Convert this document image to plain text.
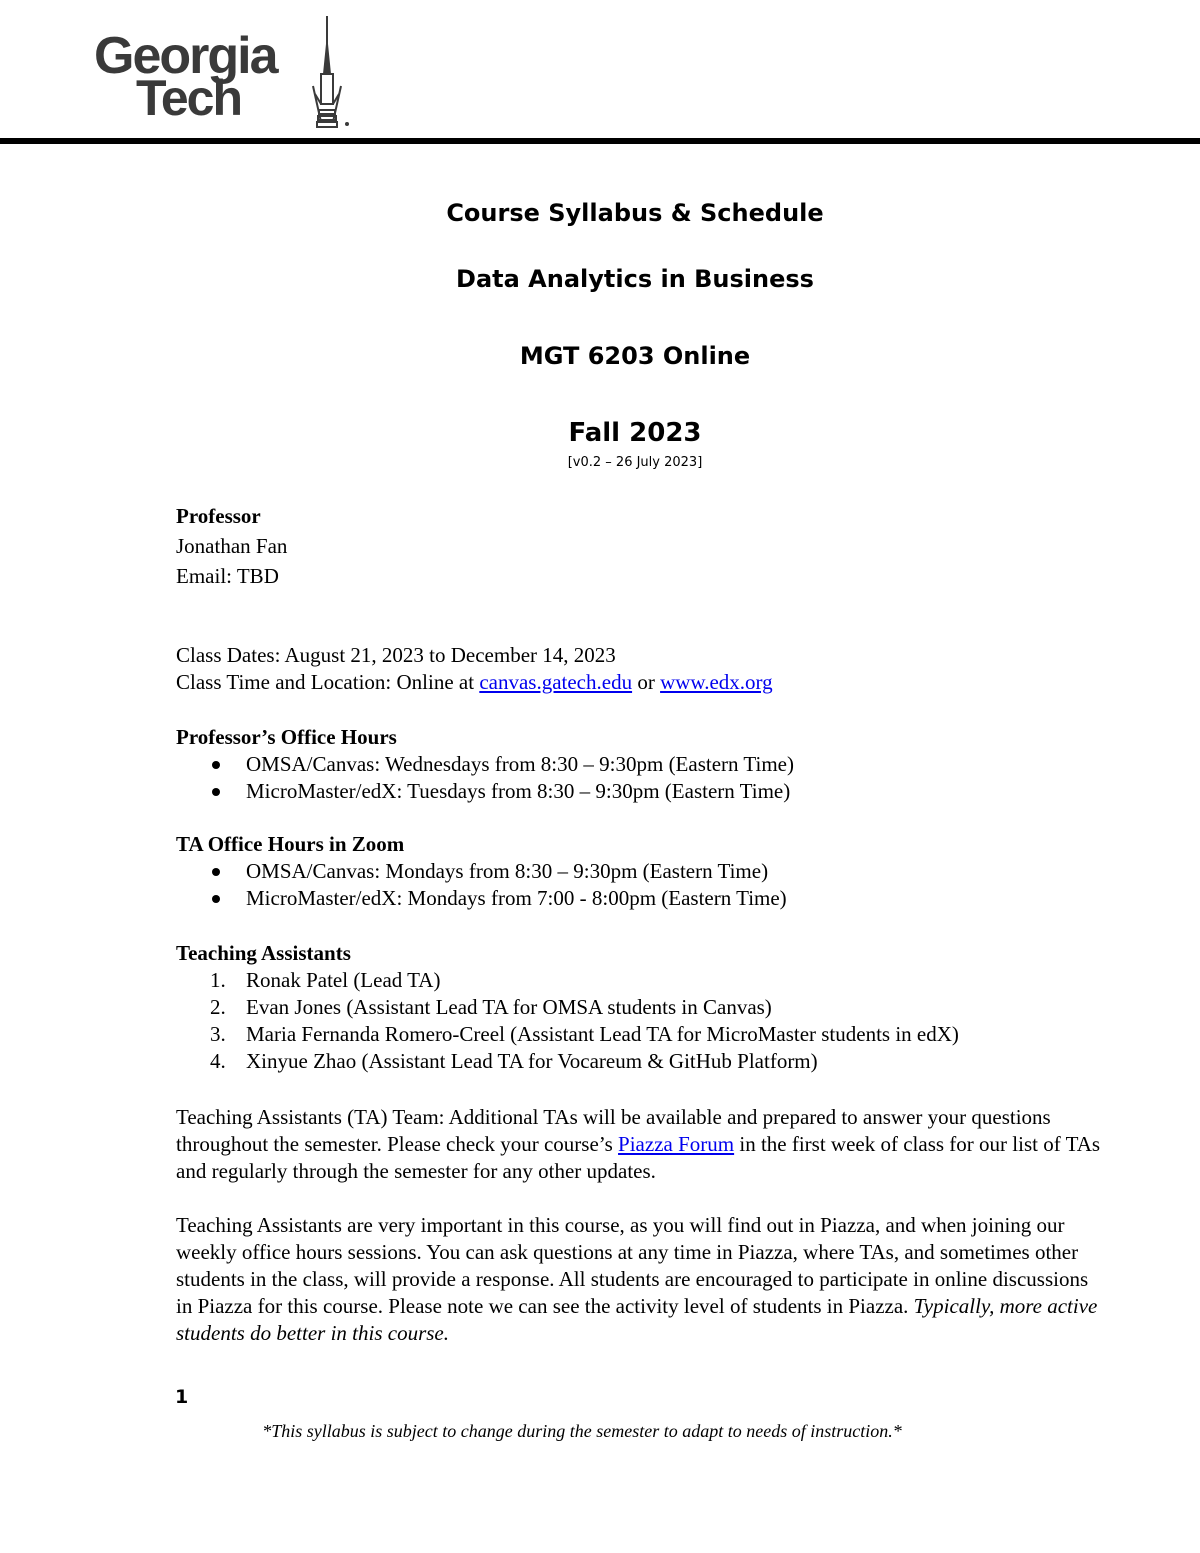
Georgia
Tech
Course Syllabus & Schedule
Data Analytics in Business
MGT 6203 Online
Fall 2023
[v0.2 – 26 July 2023]
Professor
Jonathan Fan
Email: TBD
Class Dates: August 21, 2023 to December 14, 2023
Class Time and Location: Online at canvas.gatech.edu or www.edx.org
Professor’s Office Hours
OMSA/Canvas: Wednesdays from 8:30 – 9:30pm (Eastern Time)
MicroMaster/edX: Tuesdays from 8:30 – 9:30pm (Eastern Time)
TA Office Hours in Zoom
OMSA/Canvas: Mondays from 8:30 – 9:30pm (Eastern Time)
MicroMaster/edX: Mondays from 7:00 - 8:00pm (Eastern Time)
Teaching Assistants
1. Ronak Patel (Lead TA)
2. Evan Jones (Assistant Lead TA for OMSA students in Canvas)
3. Maria Fernanda Romero-Creel (Assistant Lead TA for MicroMaster students in edX)
4. Xinyue Zhao (Assistant Lead TA for Vocareum & GitHub Platform)
Teaching Assistants (TA) Team: Additional TAs will be available and prepared to answer your questions throughout the semester. Please check your course’s Piazza Forum in the first week of class for our list of TAs and regularly through the semester for any other updates.
Teaching Assistants are very important in this course, as you will find out in Piazza, and when joining our weekly office hours sessions. You can ask questions at any time in Piazza, where TAs, and sometimes other students in the class, will provide a response. All students are encouraged to participate in online discussions in Piazza for this course. Please note we can see the activity level of students in Piazza. Typically, more active students do better in this course.
1
*This syllabus is subject to change during the semester to adapt to needs of instruction.*
